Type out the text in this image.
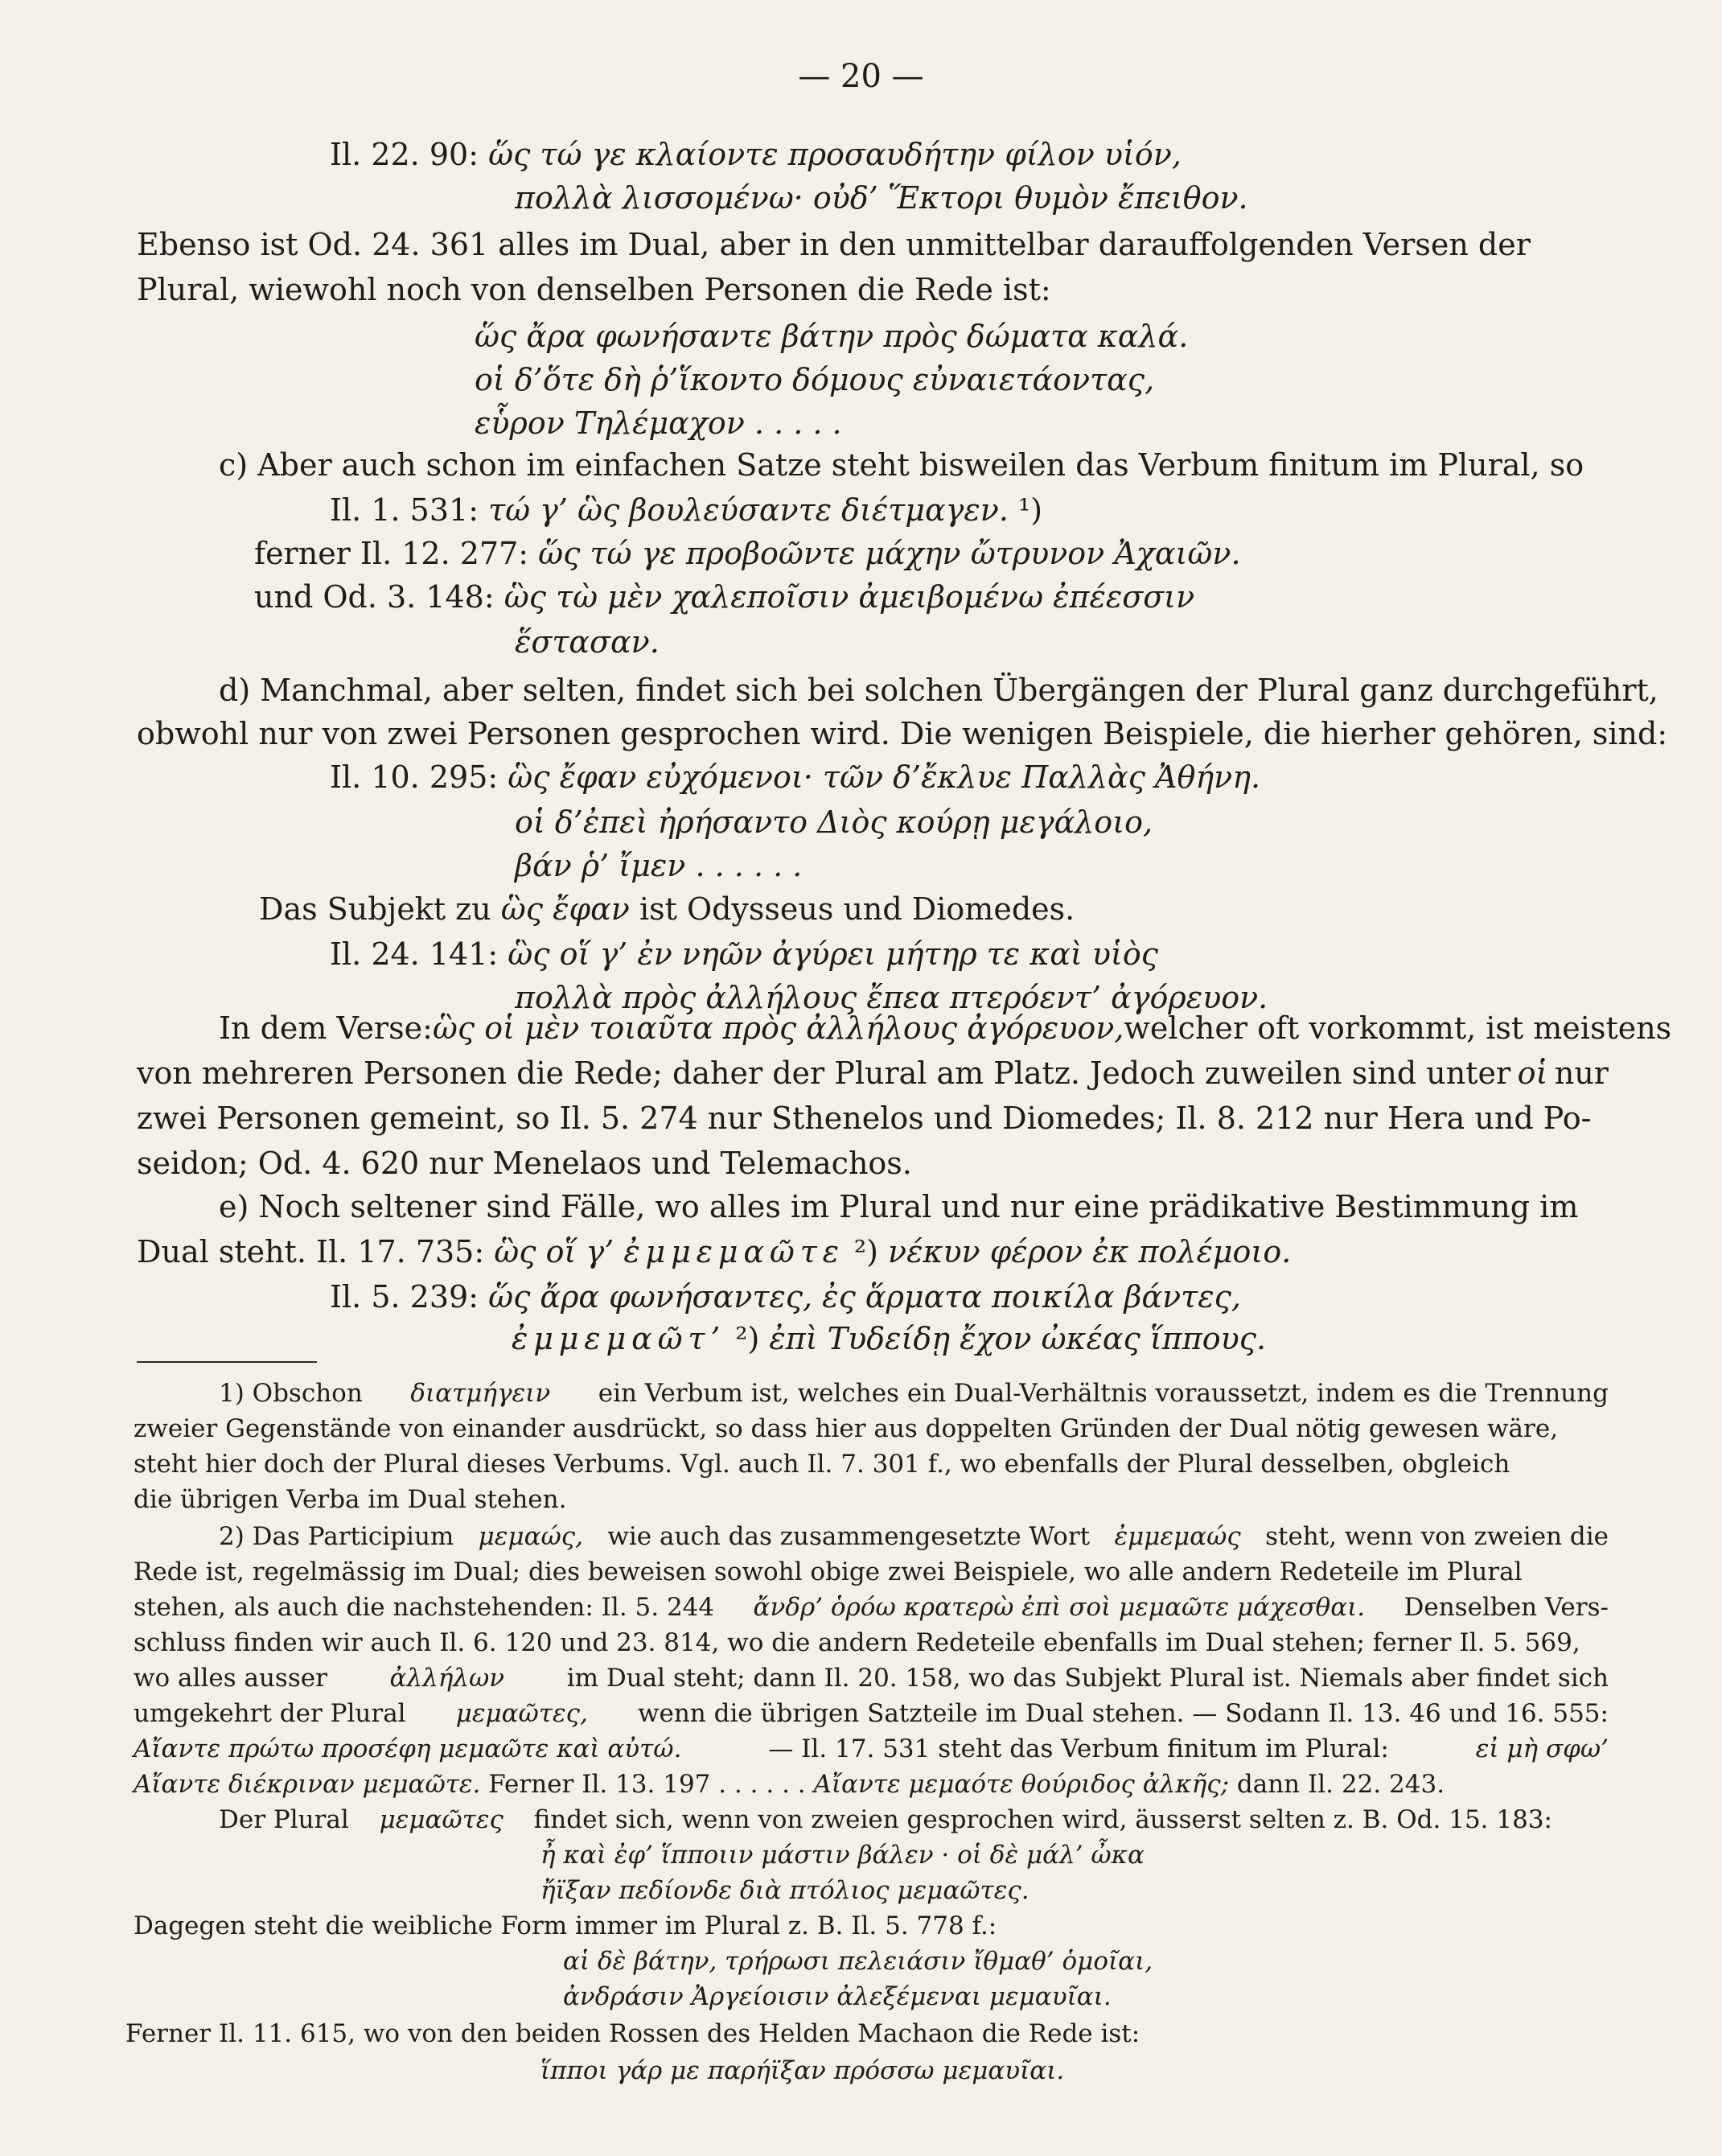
— 20 —
Il. 22. 90: ὥς τώ γε κλαίοντε προσαυδήτην φίλον υἱόν,
πολλὰ λισσομένω· οὐδ’ Ἕκτορι θυμὸν ἔπειθον.
Ebenso ist Od. 24. 361 alles im Dual, aber in den unmittelbar darauffolgenden Versen der
Plural, wiewohl noch von denselben Personen die Rede ist:
ὥς ἄρα φωνήσαντε βάτην πρὸς δώματα καλά.
οἱ δ’ὅτε δὴ ῥ’ἵκοντο δόμους εὐναιετάοντας,
εὗρον Τηλέμαχον . . . . .
c) Aber auch schon im einfachen Satze steht bisweilen das Verbum finitum im Plural, so
Il. 1. 531: τώ γ’ ὣς βουλεύσαντε διέτμαγεν. ¹)
ferner Il. 12. 277: ὥς τώ γε προβοῶντε μάχην ὤτρυνον Ἀχαιῶν.
und Od. 3. 148: ὣς τὼ μὲν χαλεποῖσιν ἀμειβομένω ἐπέεσσιν
ἕστασαν.
d) Manchmal, aber selten, findet sich bei solchen Übergängen der Plural ganz durchgeführt,
obwohl nur von zwei Personen gesprochen wird. Die wenigen Beispiele, die hierher gehören, sind:
Il. 10. 295: ὣς ἔφαν εὐχόμενοι· τῶν δ’ἔκλυε Παλλὰς Ἀθήνη.
οἱ δ’ἐπεὶ ἠρήσαντο Διὸς κούρῃ μεγάλοιο,
βάν ῥ’ ἴμεν . . . . . .
Das Subjekt zu ὣς ἔφαν ist Odysseus und Diomedes.
Il. 24. 141: ὣς οἵ γ’ ἐν νηῶν ἀγύρει μήτηρ τε καὶ υἱὸς
πολλὰ πρὸς ἀλλήλους ἔπεα πτερόεντ’ ἀγόρευον.
In dem Verse: ὣς οἱ μὲν τοιαῦτα πρὸς ἀλλήλους ἀγόρευον, welcher oft vorkommt, ist meistens
von mehreren Personen die Rede; daher der Plural am Platz. Jedoch zuweilen sind unter οἱ nur
zwei Personen gemeint, so Il. 5. 274 nur Sthenelos und Diomedes; Il. 8. 212 nur Hera und Po-
seidon; Od. 4. 620 nur Menelaos und Telemachos.
e) Noch seltener sind Fälle, wo alles im Plural und nur eine prädikative Bestimmung im
Dual steht. Il. 17. 735: ὣς οἵ γ’ ἐμμεμαῶτε ²) νέκυν φέρον ἐκ πολέμοιο.
Il. 5. 239: ὥς ἄρα φωνήσαντες, ἐς ἅρματα ποικίλα βάντες,
ἐμμεμαῶτ’ ²) ἐπὶ Τυδείδῃ ἔχον ὠκέας ἵππους.
1) Obschon διατμήγειν ein Verbum ist, welches ein Dual-Verhältnis voraussetzt, indem es die Trennung
zweier Gegenstände von einander ausdrückt, so dass hier aus doppelten Gründen der Dual nötig gewesen wäre,
steht hier doch der Plural dieses Verbums. Vgl. auch Il. 7. 301 f., wo ebenfalls der Plural desselben, obgleich
die übrigen Verba im Dual stehen.
2) Das Participium μεμαώς, wie auch das zusammengesetzte Wort ἐμμεμαώς steht, wenn von zweien die
Rede ist, regelmässig im Dual; dies beweisen sowohl obige zwei Beispiele, wo alle andern Redeteile im Plural
stehen, als auch die nachstehenden: Il. 5. 244 ἄνδρ’ ὁρόω κρατερὼ ἐπὶ σοὶ μεμαῶτε μάχεσθαι. Denselben Vers-
schluss finden wir auch Il. 6. 120 und 23. 814, wo die andern Redeteile ebenfalls im Dual stehen; ferner Il. 5. 569,
wo alles ausser	ἀλλήλων	im Dual steht; dann Il. 20. 158, wo das Subjekt Plural ist. Niemals aber findet sich
umgekehrt der Plural μεμαῶτες, wenn die übrigen Satzteile im Dual stehen. — Sodann Il. 13. 46 und 16. 555:
Αἴαντε πρώτω προσέφη μεμαῶτε καὶ αὐτώ.	— Il. 17. 531 steht das Verbum finitum im Plural:	εἰ μὴ σφω’
Αἴαντε διέκριναν μεμαῶτε. Ferner Il. 13. 197 . . . . . . Αἴαντε μεμαότε θούριδος ἀλκῆς; dann Il. 22. 243.
Der Plural μεμαῶτες findet sich, wenn von zweien gesprochen wird, äusserst selten z. B. Od. 15. 183:
ἦ καὶ ἐφ’ ἵπποιιν μάστιν βάλεν · οἱ δὲ μάλ’ ὦκα
ἤϊξαν πεδίονδε διὰ πτόλιος μεμαῶτες.
Dagegen steht die weibliche Form immer im Plural z. B. Il. 5. 778 f.:
αἱ δὲ βάτην, τρήρωσι πελειάσιν ἴθμαθ’ ὁμοῖαι,
ἀνδράσιν Ἀργείοισιν ἀλεξέμεναι μεμαυῖαι.
Ferner Il. 11. 615, wo von den beiden Rossen des Helden Machaon die Rede ist:
ἵπποι γάρ με παρήϊξαν πρόσσω μεμαυῖαι.
